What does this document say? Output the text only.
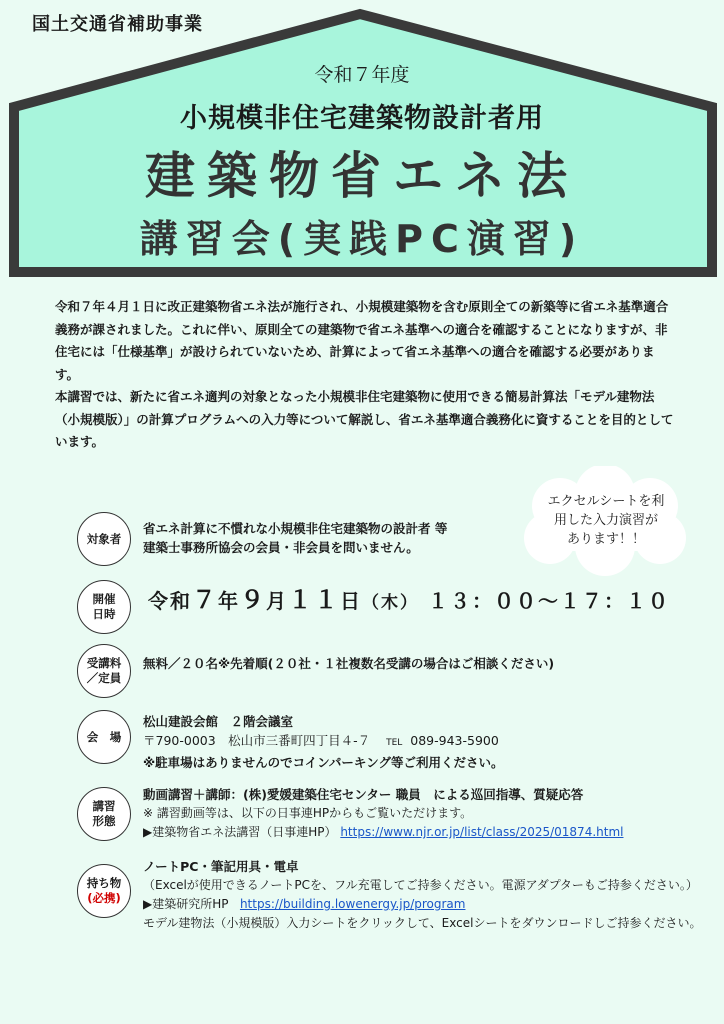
国土交通省補助事業
令和７年度
小規模非住宅建築物設計者用
建築物省エネ法
講習会(実践PC演習)

令和７年４月１日に改正建築物省エネ法が施行され、小規模建築物を含む原則全ての新築等に省エネ基準適合義務が課されました。これに伴い、原則全ての建築物で省エネ基準への適合を確認することになりますが、非住宅には「仕様基準」が設けられていないため、計算によって省エネ基準への適合を確認する必要があります。

本講習では、新たに省エネ適判の対象となった小規模非住宅建築物に使用できる簡易計算法「モデル建物法（小規模版）」の計算プログラムへの入力等について解説し、省エネ基準適合義務化に資することを目的としています。

エクセルシートを利
用した入力演習が
あります！！
対象者
省エネ計算に不慣れな小規模非住宅建築物の設計者 等
建築士事務所協会の会員・非会員を問いません。
開催
日時
令和７年９月１１日（木） １３：００～１７：１０
受講料
／定員
無料／２０名※先着順(２０社・１社複数名受講の場合はご相談ください)
会　場
松山建設会館　２階会議室
〒790-0003　松山市三番町四丁目４‐７ TEL 089-943-5900
※駐車場はありませんのでコインパーキング等ご利用ください。
講習
形態
動画講習＋講師：(株)愛媛建築住宅センター 職員　による巡回指導、質疑応答
※ 講習動画等は、以下の日事連HPからもご覧いただけます。
▶建築物省エネ法講習（日事連HP） https://www.njr.or.jp/list/class/2025/01874.html
持ち物
(必携)
ノートPC・筆記用具・電卓
（Excelが使用できるノートPCを、フル充電してご持参ください。電源アダプターもご持参ください。）
▶建築研究所HP https://building.lowenergy.jp/program
モデル建物法（小規模版）入力シートをクリックして、Excelシートをダウンロードしご持参ください。
